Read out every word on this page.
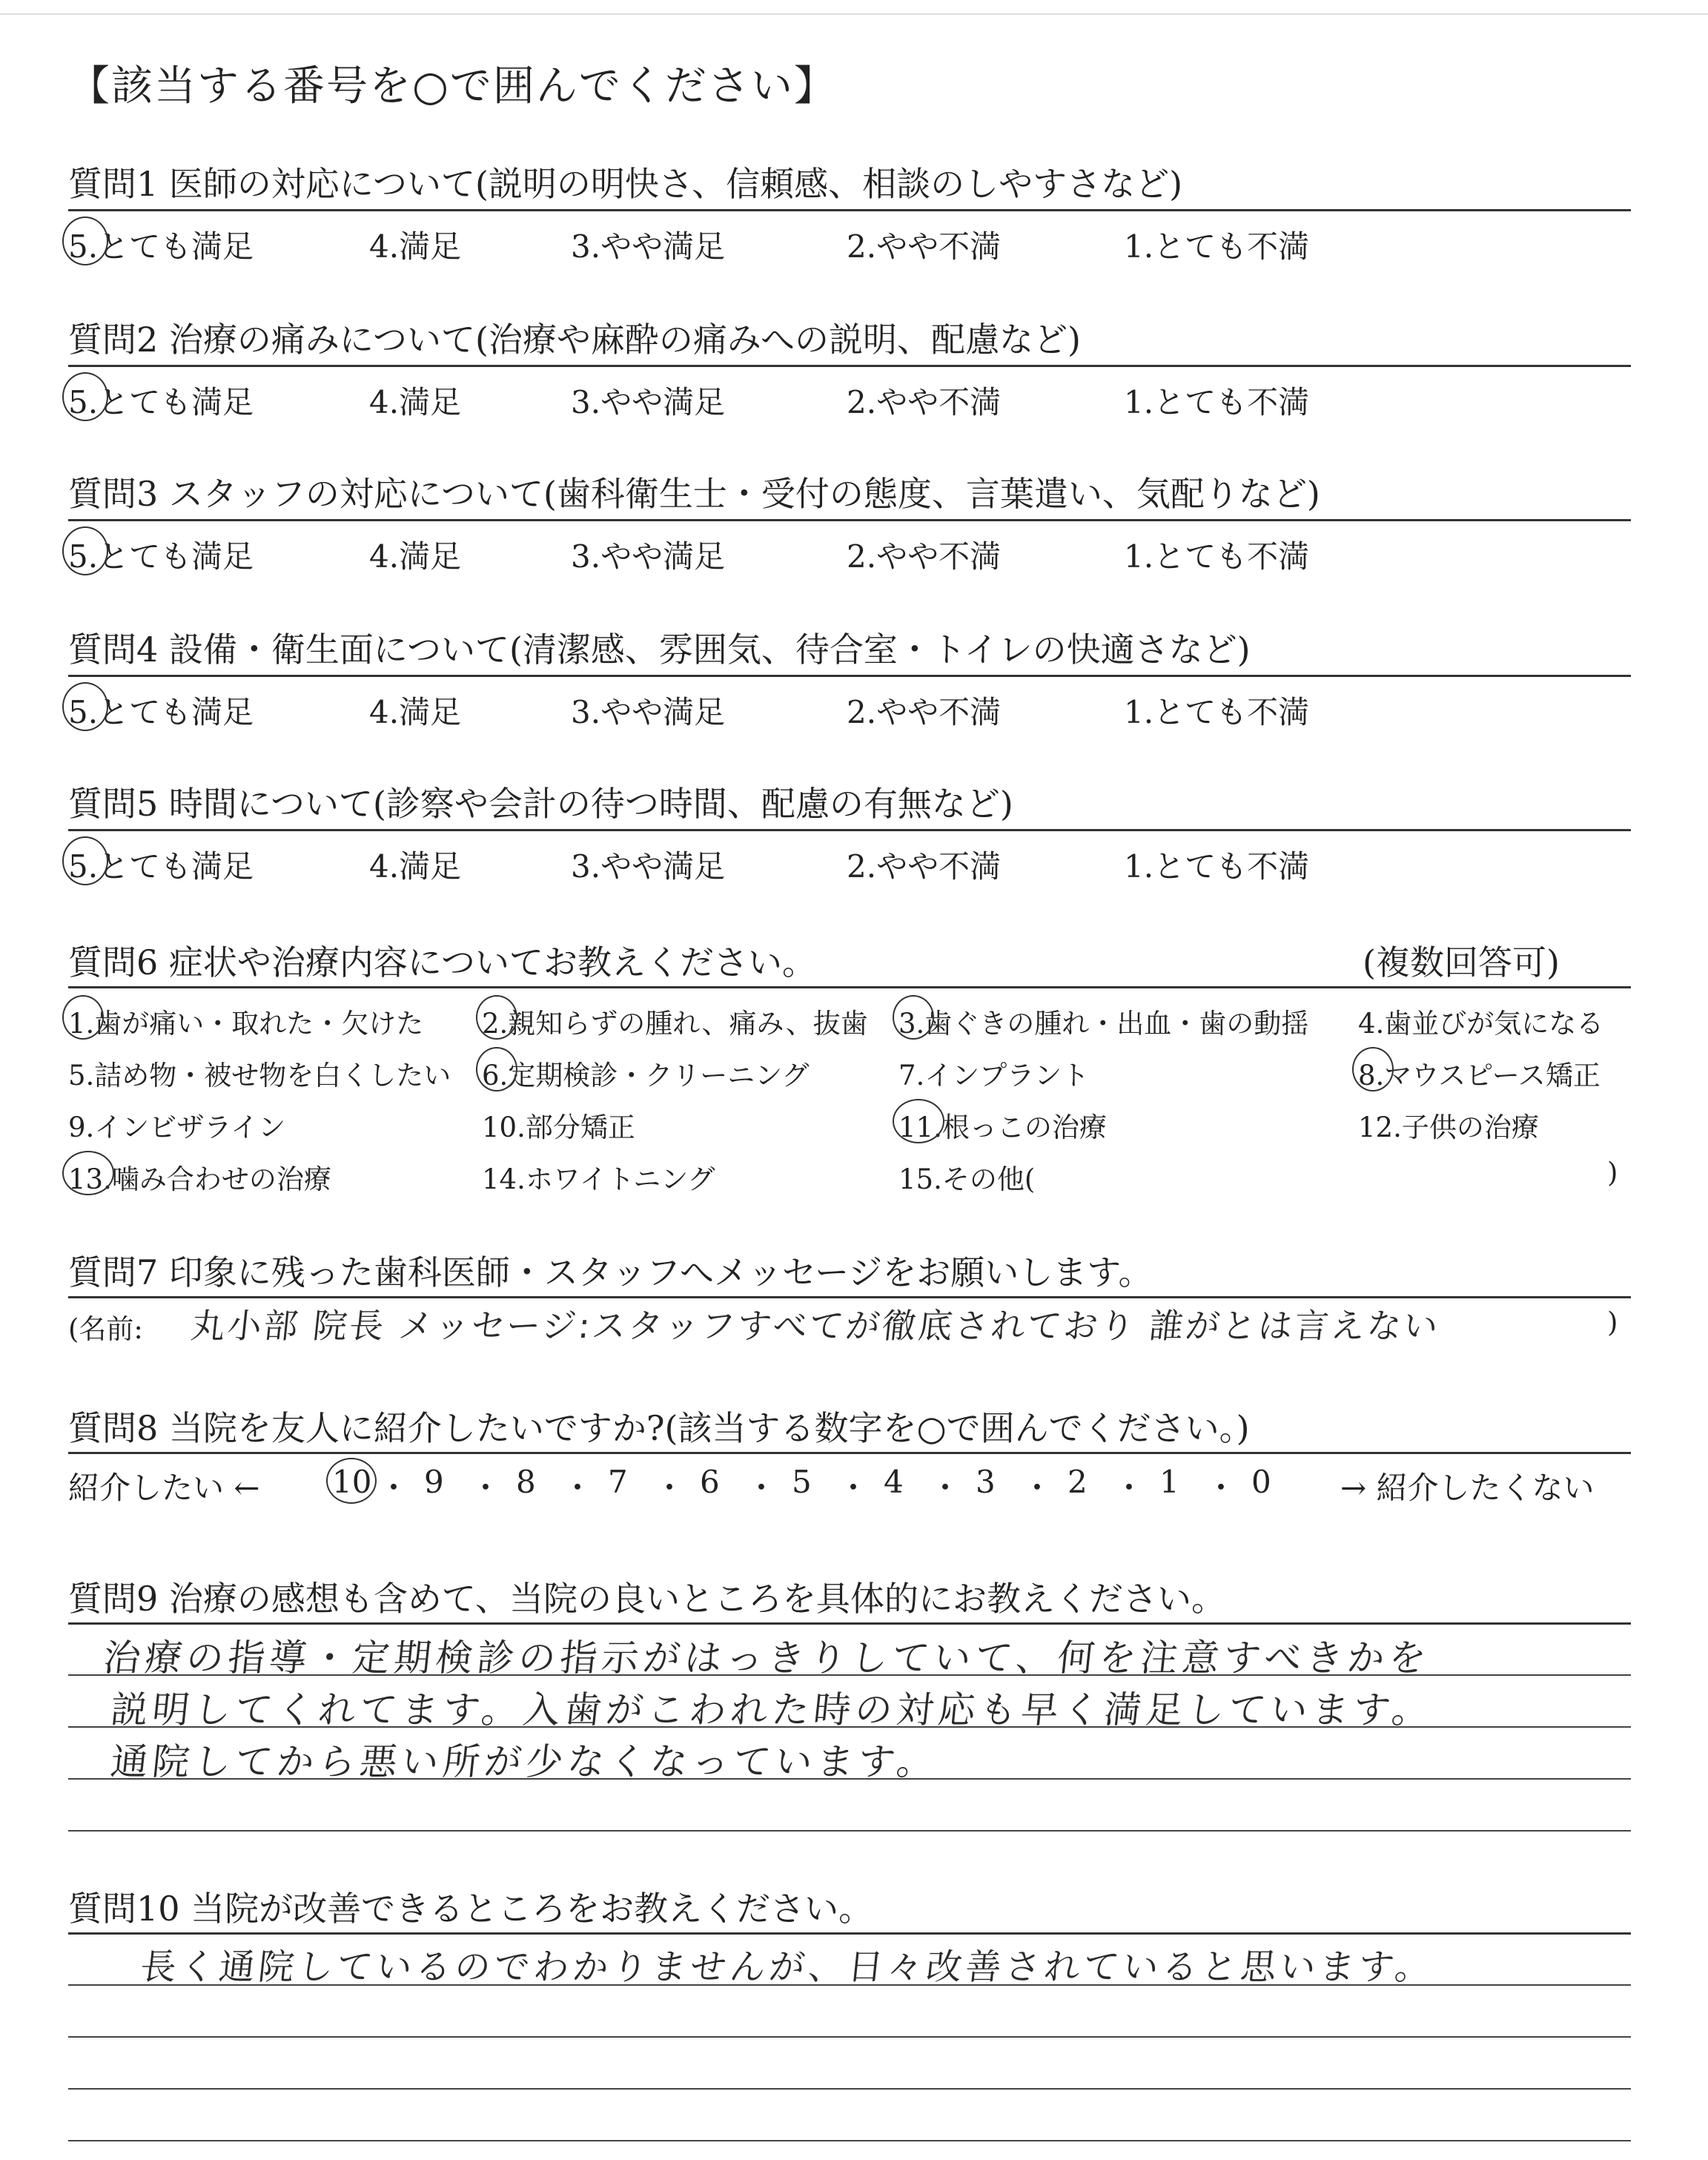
【該当する番号を○で囲んでください】
質問1 医師の対応について(説明の明快さ、信頼感、相談のしやすさなど)
5.とても満足	4.満足	3.やや満足	2.やや不満	1.とても不満
質問2 治療の痛みについて(治療や麻酔の痛みへの説明、配慮など)
5.とても満足	4.満足	3.やや満足	2.やや不満	1.とても不満
質問3 スタッフの対応について(歯科衛生士・受付の態度、言葉遣い、気配りなど)
5.とても満足	4.満足	3.やや満足	2.やや不満	1.とても不満
質問4 設備・衛生面について(清潔感、雰囲気、待合室・トイレの快適さなど)
5.とても満足	4.満足	3.やや満足	2.やや不満	1.とても不満
質問5 時間について(診察や会計の待つ時間、配慮の有無など)
5.とても満足	4.満足	3.やや満足	2.やや不満	1.とても不満
質問6 症状や治療内容についてお教えください。	(複数回答可)
1.歯が痛い・取れた・欠けた 2.親知らずの腫れ、痛み、抜歯 3.歯ぐきの腫れ・出血・歯の動揺 4.歯並びが気になる
5.詰め物・被せ物を白くしたい 6.定期検診・クリーニング	7.インプラント	8.マウスピース矯正
9.インビザライン	10.部分矯正	11.根っこの治療	12.子供の治療
13.噛み合わせの治療	14.ホワイトニング	15.その他(	)
質問7 印象に残った歯科医師・スタッフへメッセージをお願いします。
(名前: 丸小部 院長 メッセージ:スタッフすべてが徹底されており 誰がとは言えない	)
質問8 当院を友人に紹介したいですか?(該当する数字を○で囲んでください。)
紹介したい ← 10 ・ 9 ・ 8 ・ 7 ・ 6 ・ 5 ・ 4 ・ 3 ・ 2 ・ 1 ・ 0 → 紹介したくない
質問9 治療の感想も含めて、当院の良いところを具体的にお教えください。
治療の指導・定期検診の指示がはっきりしていて、何を注意すべきかを
説明してくれてます。入歯がこわれた時の対応も早く満足しています。
通院してから悪い所が少なくなっています。
質問10 当院が改善できるところをお教えください。
長く通院しているのでわかりませんが、日々改善されていると思います。
